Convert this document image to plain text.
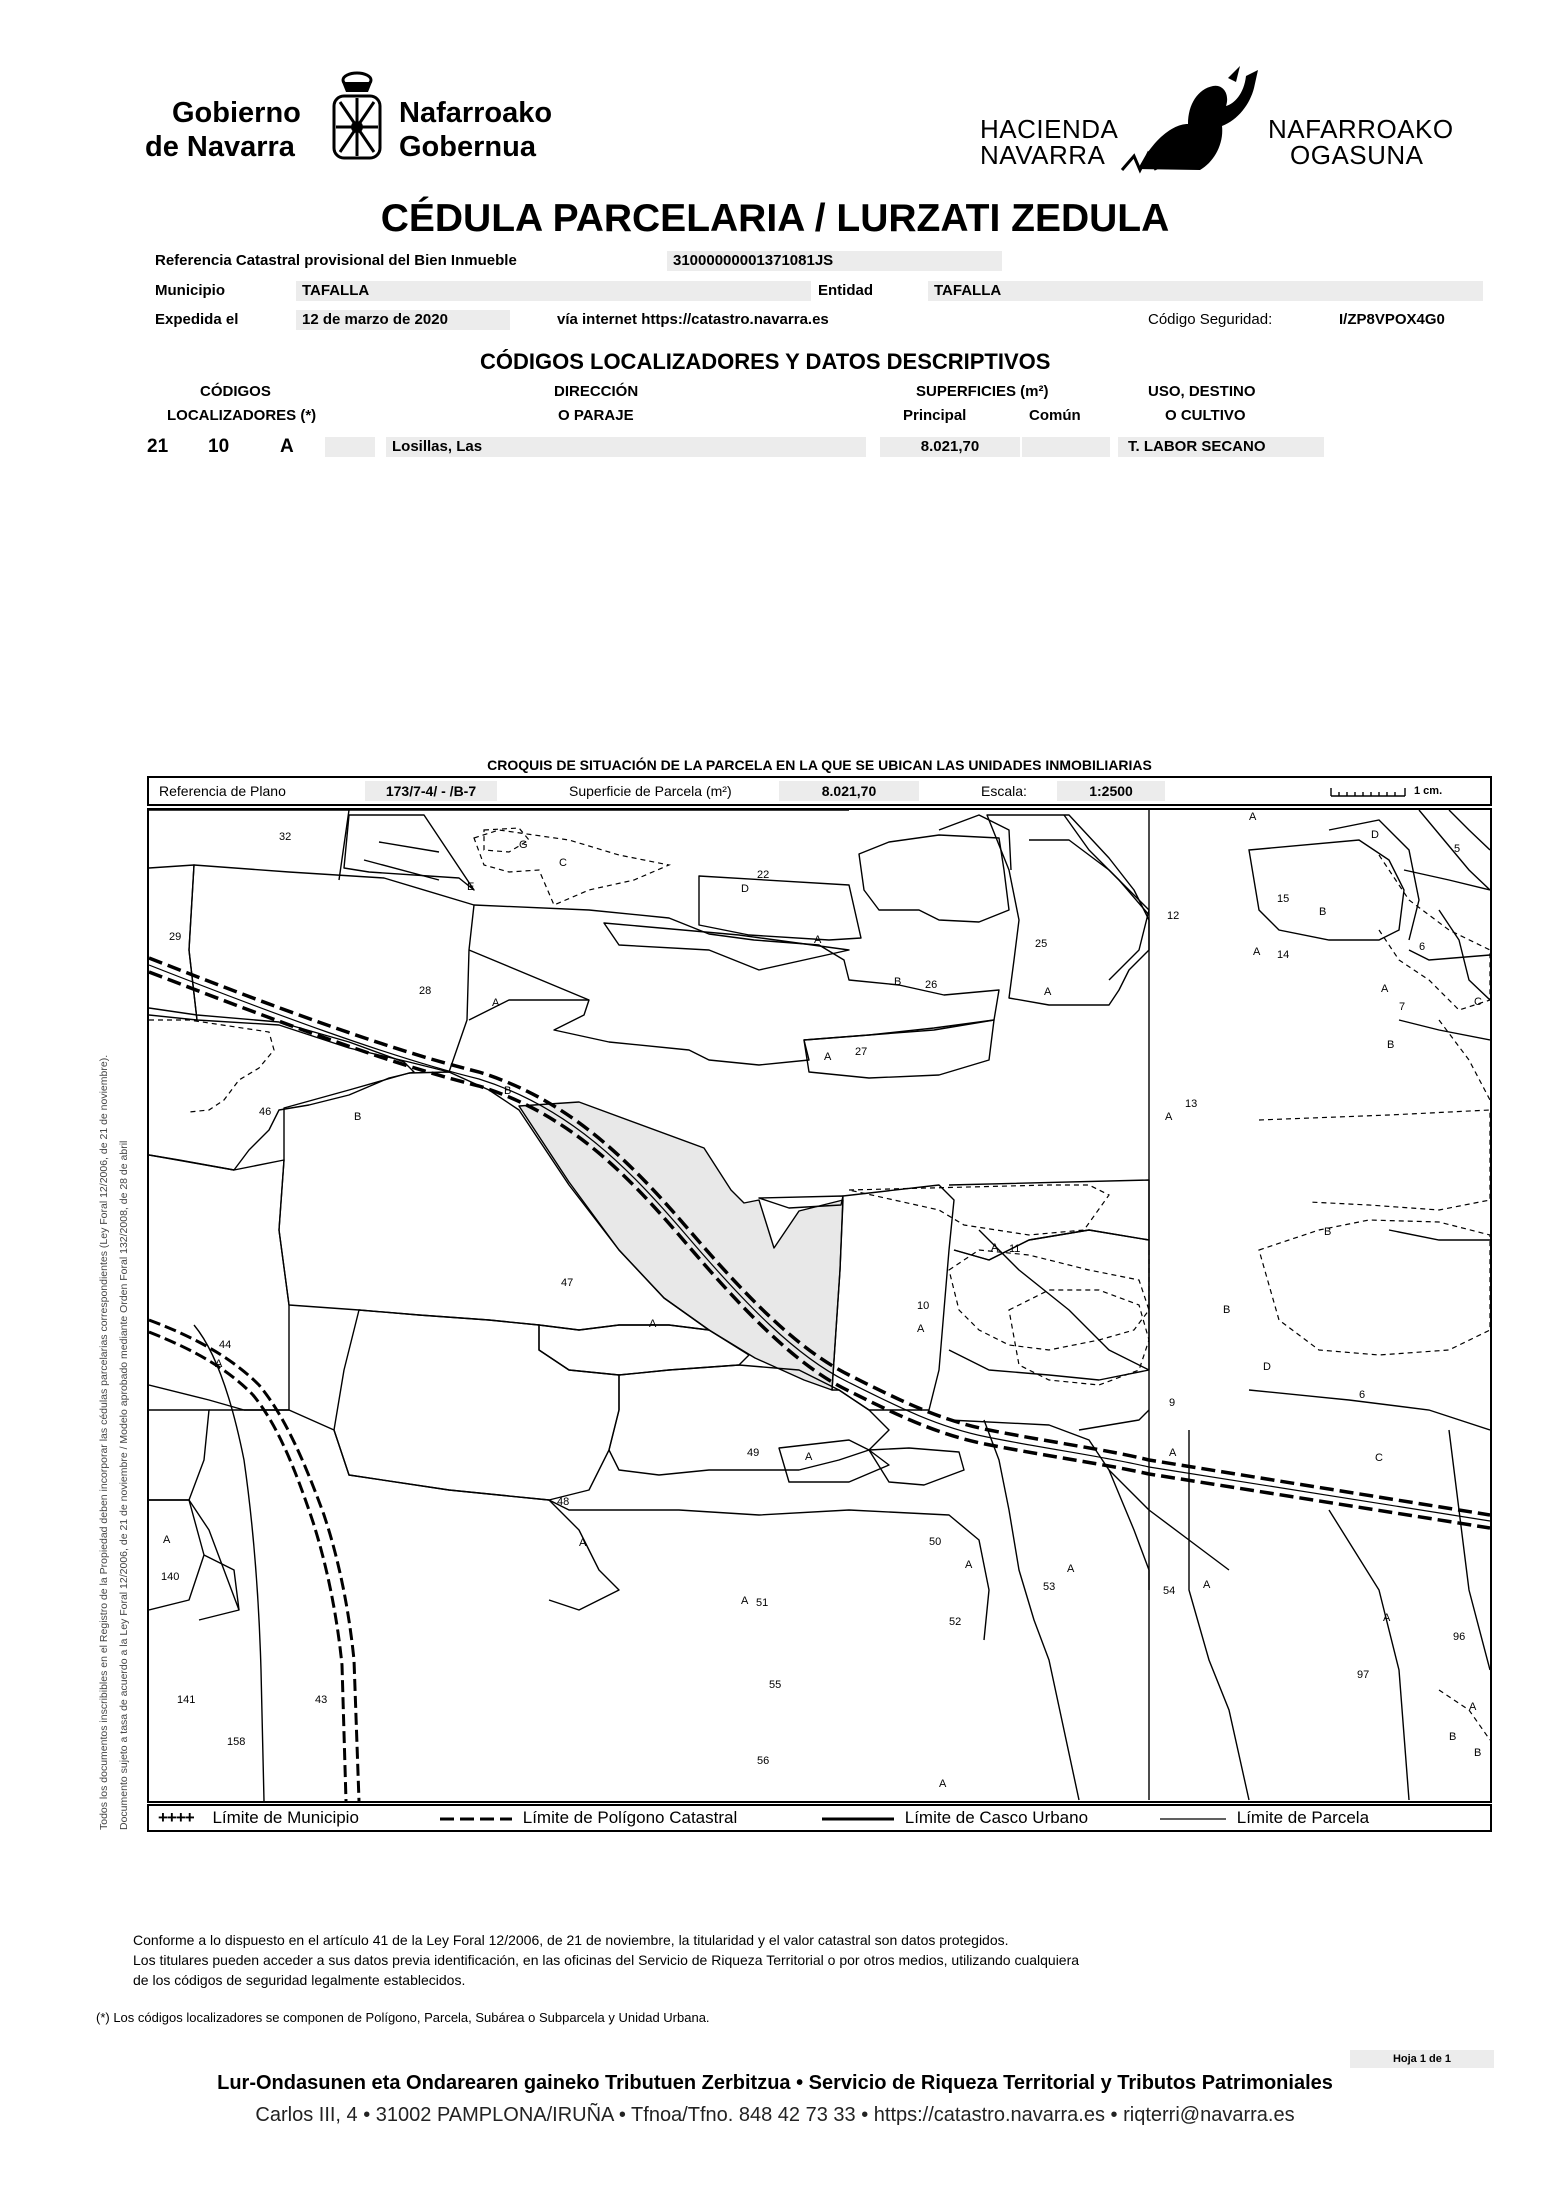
Gobierno
de Navarra
Nafarroako
Gobernua
HACIENDA
NAVARRA
NAFARROAKO
OGASUNA
CÉDULA PARCELARIA / LURZATI ZEDULA
Referencia Catastral provisional del Bien Inmueble	31000000001371081JS
Municipio	TAFALLA	Entidad	TAFALLA
Expedida el	12 de marzo de 2020	vía internet https://catastro.navarra.es	Código Seguridad:	I/ZP8VPOX4G0
CÓDIGOS LOCALIZADORES Y DATOS DESCRIPTIVOS
CÓDIGOS
LOCALIZADORES (*)
DIRECCIÓN
O PARAJE
SUPERFICIES (m²)
Principal	Común
USO, DESTINO
O CULTIVO
21 10	A	Losillas, Las	8.021,70	T. LABOR SECANO
CROQUIS DE SITUACIÓN DE LA PARCELA EN LA QUE SE UBICAN LAS UNIDADES INMOBILIARIAS
Referencia de Plano	173/7-4/ - /B-7	Superficie de Parcela (m²)	8.021,70	Escala:	1:2500	1 cm.
32
C
E
G
22
D
A	25
A
12
15
B
14
A
D
5
6
A
7	C
B
29
28
A
B 26
A
27
A
13
A
46	B
B
A 11
B
47
A
10
A
B
44
A
9
A
D
6
C
49	A
48
A
A
140
50
A
53
A
54	A
A 51
52	A
96
97
141	43
158
55
56
A
B
A
B
++++ Límite de Municipio	Límite de Polígono Catastral	Límite de Casco Urbano	Límite de Parcela
Todos los documentos inscribibles en el Registro de la Propiedad deben incorporar las cédulas parcelarias correspondientes (Ley Foral 12/2006, de 21 de noviembre). Documento sujeto a tasa de acuerdo a la Ley Foral 12/2006, de 21 de noviembre / Modelo aprobado mediante Orden Foral 132/2008, de 28 de abril
Conforme a lo dispuesto en el artículo 41 de la Ley Foral 12/2006, de 21 de noviembre, la titularidad y el valor catastral son datos protegidos.
Los titulares pueden acceder a sus datos previa identificación, en las oficinas del Servicio de Riqueza Territorial o por otros medios, utilizando cualquiera
de los códigos de seguridad legalmente establecidos.
(*) Los códigos localizadores se componen de Polígono, Parcela, Subárea o Subparcela y Unidad Urbana.
Hoja 1 de 1
Lur-Ondasunen eta Ondarearen gaineko Tributuen Zerbitzua • Servicio de Riqueza Territorial y Tributos Patrimoniales
Carlos III, 4 • 31002 PAMPLONA/IRUÑA • Tfnoa/Tfno. 848 42 73 33 • https://catastro.navarra.es • riqterri@navarra.es
